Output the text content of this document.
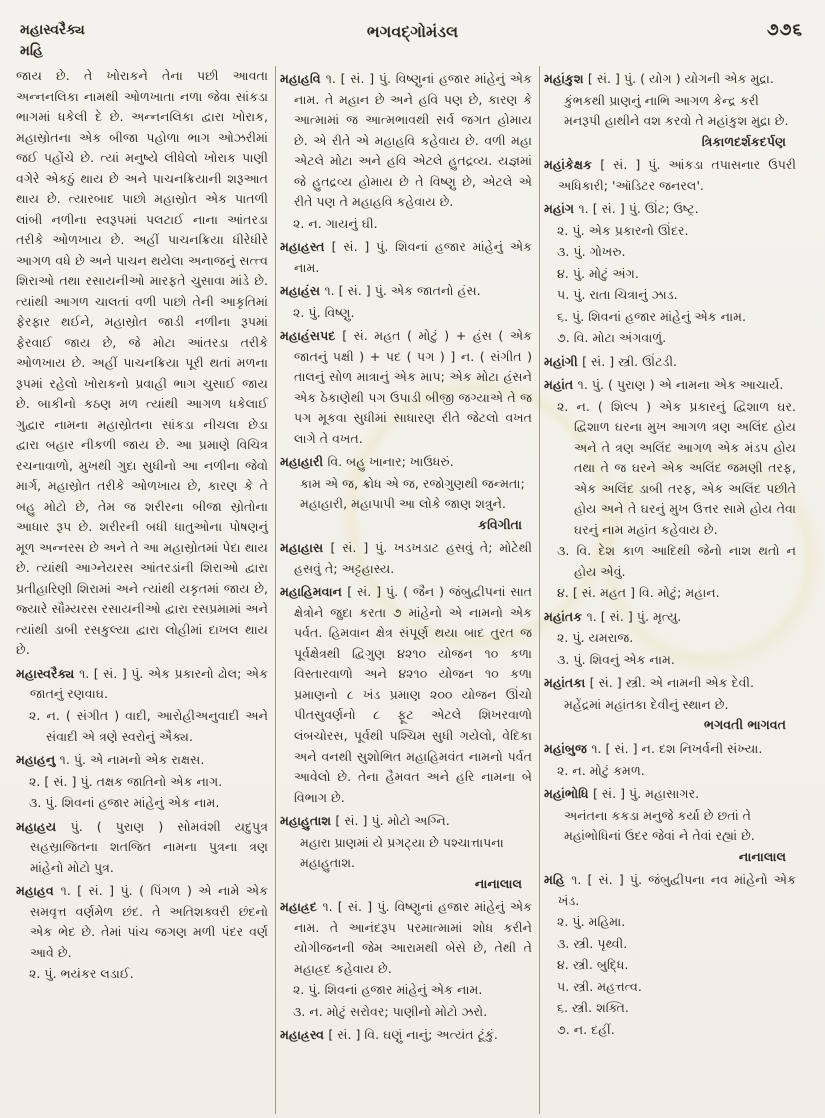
મહાસ્વરૈક્ય
મહિ
ભગવદ્ગોમંડલ	૭૭૬
જાય છે. તે ખોરાકને તેના પછી આવતા અન્નનલિકા નામથી ઓળખાતા નળા જેવા સાંકડા ભાગમાં ધકેલી દે છે. અન્નનલિકા દ્વારા ખોરાક, મહાસ્રોતના એક બીજા પહોળા ભાગ ઓઝરીમાં જઈ પહોંચે છે. ત્યાં મનુષ્યે લીધેલો ખોરાક પાણી વગેરે એકઠું થાય છે અને પાચનક્રિયાની શરૂઆત થાય છે. ત્યારબાદ પાછો મહાસ્રોત એક પાતળી લાંબી નળીના સ્વરૂપમાં પલટાઈ નાના આંતરડા તરીકે ઓળખાય છે. અહીં પાચનક્રિયા ધીરેધીરે આગળ વધે છે અને પાચન થયેલા અનાજનું સત્ત્વ શિરાઓ તથા રસાયનીઓ મારફતે ચુસાવા માંડે છે. ત્યાંથી આગળ ચાલતાં વળી પાછો તેની આકૃતિમાં ફેરફાર થઈને, મહાસ્રોત જાડી નળીના રૂપમાં ફેરવાઈ જાય છે, જે મોટા આંતરડા તરીકે ઓળખાય છે. અહીં પાચનક્રિયા પૂરી થતાં મળના રૂપમાં રહેલો ખોરાકનો પ્રવાહી ભાગ ચુસાઈ જાય છે. બાકીનો કઠણ મળ ત્યાંથી આગળ ધકેલાઈ ગુદ્વાર નામના મહાસ્રોતના સાંકડા નીચલા છેડા દ્વારા બહાર નીકળી જાય છે. આ પ્રમાણે વિચિત્ર રચનાવાળો, મુખથી ગુદા સુધીનો આ નળીના જેવો માર્ગ, મહાસ્રોત તરીકે ઓળખાય છે, કારણ કે તે બહુ મોટો છે, તેમ જ શરીરના બીજા સ્રોતોના આધાર રૂપ છે. શરીરની બધી ધાતુઓના પોષણનું મૂળ અન્નરસ છે અને તે આ મહાસ્રોતમાં પેદા થાય છે. ત્યાંથી આગ્નેયરસ આંતરડાંની શિરાઓ દ્વારા પ્રતીહારિણી શિરામાં અને ત્યાંથી યકૃતમાં જાય છે, જ્યારે સૌમ્યરસ રસાયનીઓ દ્વારા રસપ્રમામાં અને ત્યાંથી ડાબી રસકુલ્યા દ્વારા લોહીમાં દાખલ થાય છે.
મહાસ્વરૈક્ય ૧. [ સં. ] પું. એક પ્રકારનો ઢોલ; એક જાતનું રણવાઘ.
૨. ન. ( સંગીત ) વાદી, આરોહીઅનુવાદી અને સંવાદી એ ત્રણે સ્વરોનું ઐક્ય.
મહાહનુ ૧. પું. એ નામનો એક રાક્ષસ.
૨. [ સં. ] પું. તક્ષક જાતિનો એક નાગ.
૩. પું. શિવનાં હજાર માંહેનું એક નામ.
મહાહય પું. ( પુરાણ ) સોમવંશી યદુપુત્ર સહસ્રાજિતના શતજિત નામના પુત્રના ત્રણ માંહેનો મોટો પુત્ર.
મહાહવ ૧. [ સં. ] પું. ( પિંગળ ) એ નામે એક સમવૃત્ત વર્ણમેળ છંદ. તે અતિશક્વરી છંદનો એક ભેદ છે. તેમાં પાંચ જગણ મળી પંદર વર્ણ આવે છે.
૨. પું. ભયંકર લડાઈ.
મહાહવિ ૧. [ સં. ] પું. વિષ્ણુનાં હજાર માંહેનું એક નામ. તે મહાન છે અને હવિ પણ છે, કારણ કે આત્મામાં જ આત્મભાવથી સર્વ જગત હોમાય છે. એ રીતે એ મહાહવિ કહેવાય છે. વળી મહા એટલે મોટા અને હવિ એટલે હુતદ્રવ્ય. યજ્ઞમાં જે હુતદ્રવ્ય હોમાય છે તે વિષ્ણુ છે, એટલે એ રીતે પણ તે મહાહવિ કહેવાય છે.
૨. ન. ગાયનું ઘી.
મહાહસ્ત [ સં. ] પું. શિવનાં હજાર માંહેનું એક નામ.
મહાહંસ ૧. [ સં. ] પું. એક જાતનો હંસ.
૨. પું. વિષ્ણુ.
મહાહંસપદ [ સં. મહત ( મોટું ) + હંસ ( એક જાતનું પક્ષી ) + પદ ( પગ ) ] ન. ( સંગીત ) તાલનું સોળ માત્રાનું એક માપ; એક મોટા હંસને એક ઠેકાણેથી પગ ઉપાડી બીજી જગ્યાએ તે જ પગ મૂકવા સુધીમાં સાધારણ રીતે જેટલો વખત લાગે તે વખત.
મહાહારી વિ. બહુ ખાનાર; ખાઉધરું.
કામ એ જ, ક્રોધ એ જ, રજોગુણથી જન્મતા; મહાહારી, મહાપાપી આ લોકે જાણ શત્રુને.
કવિગીતા
મહાહાસ [ સં. ] પું. ખડખડાટ હસવું તે; મોટેથી હસવું તે; અટ્ટહાસ્ય.
મહાહિમવાન [ સં. ] પું. ( જૈન ) જંબુદ્વીપનાં સાત ક્ષેત્રોને જુદા કરતા ૭ માંહેનો એ નામનો એક પર્વત. હિમવાન ક્ષેત્ર સંપૂર્ણ થયા બાદ તુરત જ પૂર્વક્ષેત્રથી દ્વિગુણ ૪૨૧૦ યોજન ૧૦ કળા વિસ્તારવાળો અને ૪૨૧૦ યોજન ૧૦ કળા પ્રમાણનો ૮ ખંડ પ્રમાણ ૨૦૦ યોજન ઊંચો પીતસુવર્ણનો ૮ ફૂટ એટલે શિખરવાળો લંબચોરસ, પૂર્વથી પશ્ચિમ સુધી ગયેલો, વેદિકા અને વનથી સુશોભિત મહાહિમવંત નામનો પર્વત આવેલો છે. તેના હૈમવત અને હરિ નામના બે વિભાગ છે.
મહાહુતાશ [ સં. ] પું. મોટો અગ્નિ.
મહારા પ્રાણમાં યે પ્રગટ્યા છે પશ્ચાત્તાપના મહાહુતાશ.
નાનાલાલ
મહાહ્રદ ૧. [ સં. ] પું. વિષ્ણુનાં હજાર માંહેનું એક નામ. તે આનંદરૂપ પરમાત્મામાં શોધ કરીને યોગીજનની જેમ આરામથી બેસે છે, તેથી તે મહાહ્રદ કહેવાય છે.
૨. પું. શિવનાં હજાર માંહેનું એક નામ.
૩. ન. મોટું સરોવર; પાણીનો મોટો ઝરો.
મહાહ્રસ્વ [ સં. ] વિ. ઘણું નાનું; અત્યંત ટૂંકું.
મહાંકુશ [ સં. ] પું. ( યોગ ) યોગની એક મુદ્રા.
કુંભકથી પ્રાણનું નાભિ આગળ કેન્દ્ર કરી મનરૂપી હાથીને વશ કરવો તે મહાંકુશ મુદ્રા છે.
ત્રિકાળદર્શકદર્પણ
મહાંકેક્ષક [ સં. ] પું. આંકડા તપાસનાર ઉપરી અધિકારી; 'ઑડિટર જનરલ'.
મહાંગ ૧. [ સં. ] પું. ઊંટ; ઉષ્ટ્ર.
૨. પું. એક પ્રકારનો ઊંદર.
૩. પું. ગોખરુ.
૪. પું. મોટું અંગ.
૫. પું. રાતા ચિત્રાનું ઝાડ.
૬. પું. શિવનાં હજાર માંહેનું એક નામ.
૭. વિ. મોટા અંગવાળું.
મહાંગી [ સં. ] સ્ત્રી. ઊંટડી.
મહાંત ૧. પું. ( પુરાણ ) એ નામના એક આચાર્ય.
૨. ન. ( શિલ્પ ) એક પ્રકારનું દ્વિશાળ ઘર. દ્વિશાળ ઘરના મુખ આગળ ત્રણ અલિંદ હોય અને તે ત્રણ અલિંદ આગળ એક મંડપ હોય તથા તે જ ઘરને એક અલિંદ જમણી તરફ, એક અલિંદ ડાબી તરફ, એક અલિંદ પછીતે હોય અને તે ઘરનું મુખ ઉત્તર સામે હોય તેવા ઘરનું નામ મહાંત કહેવાય છે.
૩. વિ. દેશ કાળ આદિથી જેનો નાશ થતો ન હોય એવું.
૪. [ સં. મહત ] વિ. મોટું; મહાન.
મહાંતક ૧. [ સં. ] પું. મૃત્યુ.
૨. પું. યમરાજ.
૩. પું. શિવનું એક નામ.
મહાંતકા [ સં. ] સ્ત્રી. એ નામની એક દેવી.
મહેંદ્રમાં મહાંતકા દેવીનું સ્થાન છે.
ભગવતી ભાગવત
મહાંબુજ ૧. [ સં. ] ન. દશ નિખર્વની સંખ્યા.
૨. ન. મોટું કમળ.
મહાંભોધિ [ સં. ] પું. મહાસાગર.
અનંતના કકડા મનુજે કર્યા છે છતાં તે મહાંભોધિનાં ઉદર જેવાં ને તેવાં રહ્યાં છે.
નાનાલાલ
મહિ ૧. [ સં. ] પું. જંબુદ્વીપના નવ માંહેનો એક ખંડ.
૨. પું. મહિમા.
૩. સ્ત્રી. પૃથ્વી.
૪. સ્ત્રી. બુદ્ધિ.
૫. સ્ત્રી. મહત્તત્વ.
૬. સ્ત્રી. શક્તિ.
૭. ન. દહીં.
